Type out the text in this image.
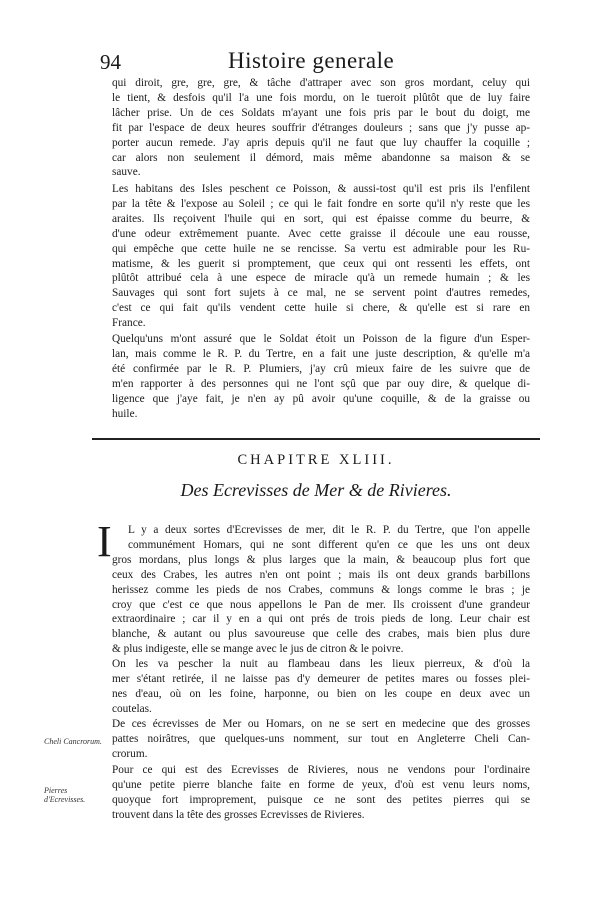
94	Histoire generale
qui diroit, gre, gre, gre, & tâche d'attraper avec son gros mordant, celuy qui
le tient, & desfois qu'il l'a une fois mordu, on le tueroit plûtôt que de luy faire
lâcher prise. Un de ces Soldats m'ayant une fois pris par le bout du doigt, me
fit par l'espace de deux heures souffrir d'étranges douleurs ; sans que j'y pusse ap-
porter aucun remede. J'ay apris depuis qu'il ne faut que luy chauffer la coquille ;
car alors non seulement il démord, mais même abandonne sa maison & se
sauve.
Les habitans des Isles peschent ce Poisson, & aussi-tost qu'il est pris ils l'enfilent
par la tête & l'expose au Soleil ; ce qui le fait fondre en sorte qu'il n'y reste que les
araites. Ils reçoivent l'huile qui en sort, qui est épaisse comme du beurre, &
d'une odeur extrêmement puante. Avec cette graisse il découle une eau rousse,
qui empêche que cette huile ne se rencisse. Sa vertu est admirable pour les Ru-
matisme, & les guerit si promptement, que ceux qui ont ressenti les effets, ont
plûtôt attribué cela à une espece de miracle qu'à un remede humain ; & les
Sauvages qui sont fort sujets à ce mal, ne se servent point d'autres remedes,
c'est ce qui fait qu'ils vendent cette huile si chere, & qu'elle est si rare en
France.
Quelqu'uns m'ont assuré que le Soldat étoit un Poisson de la figure d'un Esper-
lan, mais comme le R. P. du Tertre, en a fait une juste description, & qu'elle m'a
été confirmée par le R. P. Plumiers, j'ay crû mieux faire de les suivre que de
m'en rapporter à des personnes qui ne l'ont sçû que par ouy dire, & quelque di-
ligence que j'aye fait, je n'en ay pû avoir qu'une coquille, & de la graisse ou
huile.
CHAPITRE XLIII.
Des Ecrevisses de Mer & de Rivieres.
I L y a deux sortes d'Ecrevisses de mer, dit le R. P. du Tertre, que l'on appelle
communément Homars, qui ne sont different qu'en ce que les uns ont deux
gros mordans, plus longs & plus larges que la main, & beaucoup plus fort que
ceux des Crabes, les autres n'en ont point ; mais ils ont deux grands barbillons
herissez comme les pieds de nos Crabes, communs & longs comme le bras ; je
croy que c'est ce que nous appellons le Pan de mer. Ils croissent d'une grandeur
extraordinaire ; car il y en a qui ont prés de trois pieds de long. Leur chair est
blanche, & autant ou plus savoureuse que celle des crabes, mais bien plus dure
& plus indigeste, elle se mange avec le jus de citron & le poivre.
On les va pescher la nuit au flambeau dans les lieux pierreux, & d'où la
mer s'étant retirée, il ne laisse pas d'y demeurer de petites mares ou fosses plei-
nes d'eau, où on les foine, harponne, ou bien on les coupe en deux avec un
coutelas.
De ces écrevisses de Mer ou Homars, on ne se sert en medecine que des grosses
pattes noirâtres, que quelques-uns nomment, sur tout en Angleterre Cheli Can-
crorum.
Pour ce qui est des Ecrevisses de Rivieres, nous ne vendons pour l'ordinaire
qu'une petite pierre blanche faite en forme de yeux, d'où est venu leurs noms,
quoyque fort improprement, puisque ce ne sont des petites pierres qui se
trouvent dans la tête des grosses Ecrevisses de Rivieres.
Cheli Cancrorum.
Pierres d'Ecrevisses.
